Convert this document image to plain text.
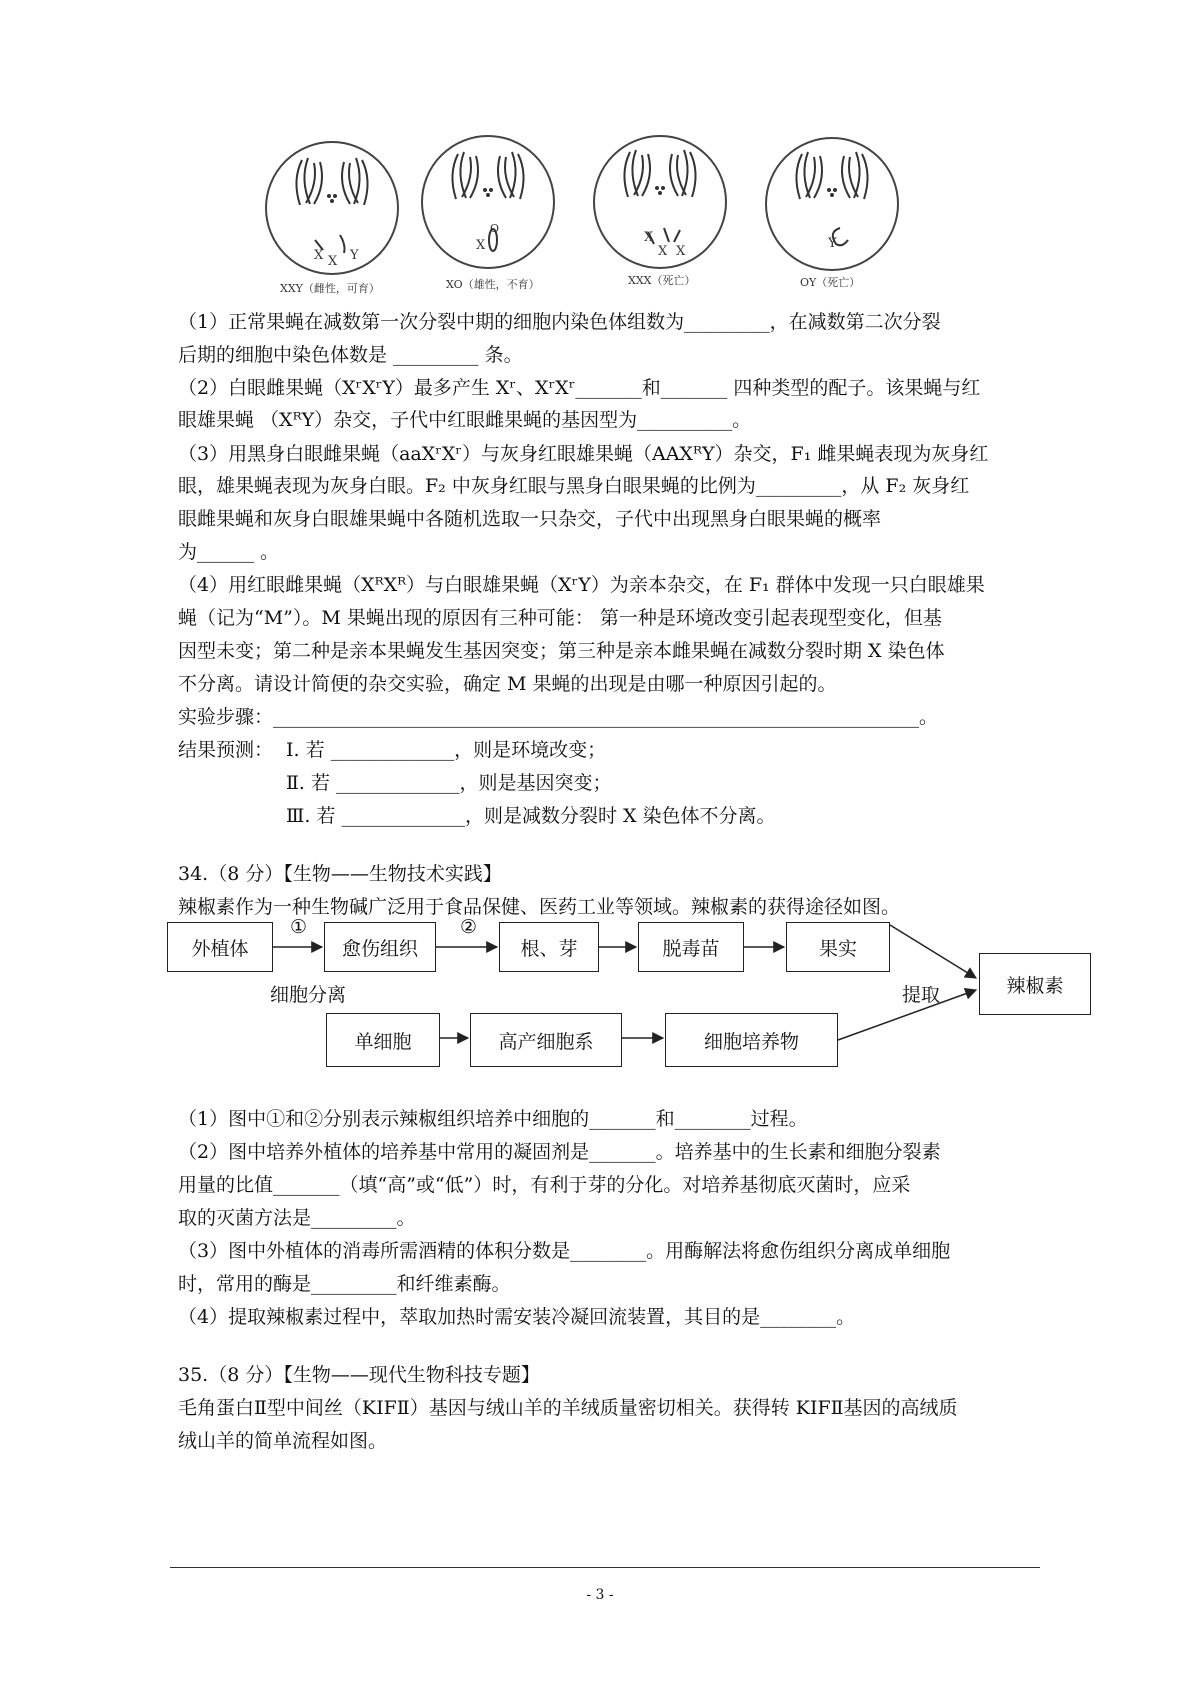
X X Y
X
O
X
X X
Y
XXY（雌性，可育）	XO（雄性，不育）	XXX（死亡）	OY（死亡）
（1）正常果蝇在减数第一次分裂中期的细胞内染色体组数为_________，在减数第二次分裂
后期的细胞中染色体数是 _________ 条。
（2）白眼雌果蝇（XʳXʳY）最多产生 Xʳ、XʳXʳ_______和_______ 四种类型的配子。该果蝇与红
眼雄果蝇 （XᴿY）杂交，子代中红眼雌果蝇的基因型为__________。
（3）用黑身白眼雌果蝇（aaXʳXʳ）与灰身红眼雄果蝇（AAXᴿY）杂交，F₁ 雌果蝇表现为灰身红
眼，雄果蝇表现为灰身白眼。F₂ 中灰身红眼与黑身白眼果蝇的比例为_________，从 F₂ 灰身红
眼雌果蝇和灰身白眼雄果蝇中各随机选取一只杂交，子代中出现黑身白眼果蝇的概率
为______ 。
（4）用红眼雌果蝇（XᴿXᴿ）与白眼雄果蝇（XʳY）为亲本杂交，在 F₁ 群体中发现一只白眼雄果
蝇（记为“M”）。M 果蝇出现的原因有三种可能： 第一种是环境改变引起表现型变化，但基
因型未变；第二种是亲本果蝇发生基因突变；第三种是亲本雌果蝇在减数分裂时期 X 染色体
不分离。请设计简便的杂交实验，确定 M 果蝇的出现是由哪一种原因引起的。
实验步骤：____________________________________________________________________。
结果预测： Ⅰ. 若 _____________，则是环境改变；
Ⅱ. 若 _____________，则是基因突变；
Ⅲ. 若 _____________，则是减数分裂时 X 染色体不分离。
34.（8 分）【生物——生物技术实践】
辣椒素作为一种生物碱广泛用于食品保健、医药工业等领域。辣椒素的获得途径如图。
外植体	愈伤组织	根、芽	脱毒苗	果实
辣椒素
单细胞	高产细胞系	细胞培养物
①	②
细胞分离	提取
（1）图中①和②分别表示辣椒组织培养中细胞的_______和________过程。
（2）图中培养外植体的培养基中常用的凝固剂是_______。培养基中的生长素和细胞分裂素
用量的比值_______（填“高”或“低”）时，有利于芽的分化。对培养基彻底灭菌时，应采
取的灭菌方法是_________。
（3）图中外植体的消毒所需酒精的体积分数是________。用酶解法将愈伤组织分离成单细胞
时，常用的酶是_________和纤维素酶。
（4）提取辣椒素过程中，萃取加热时需安装冷凝回流装置，其目的是________。
35.（8 分）【生物——现代生物科技专题】
毛角蛋白Ⅱ型中间丝（KIFⅡ）基因与绒山羊的羊绒质量密切相关。获得转 KIFⅡ基因的高绒质
绒山羊的简单流程如图。
- 3 -
